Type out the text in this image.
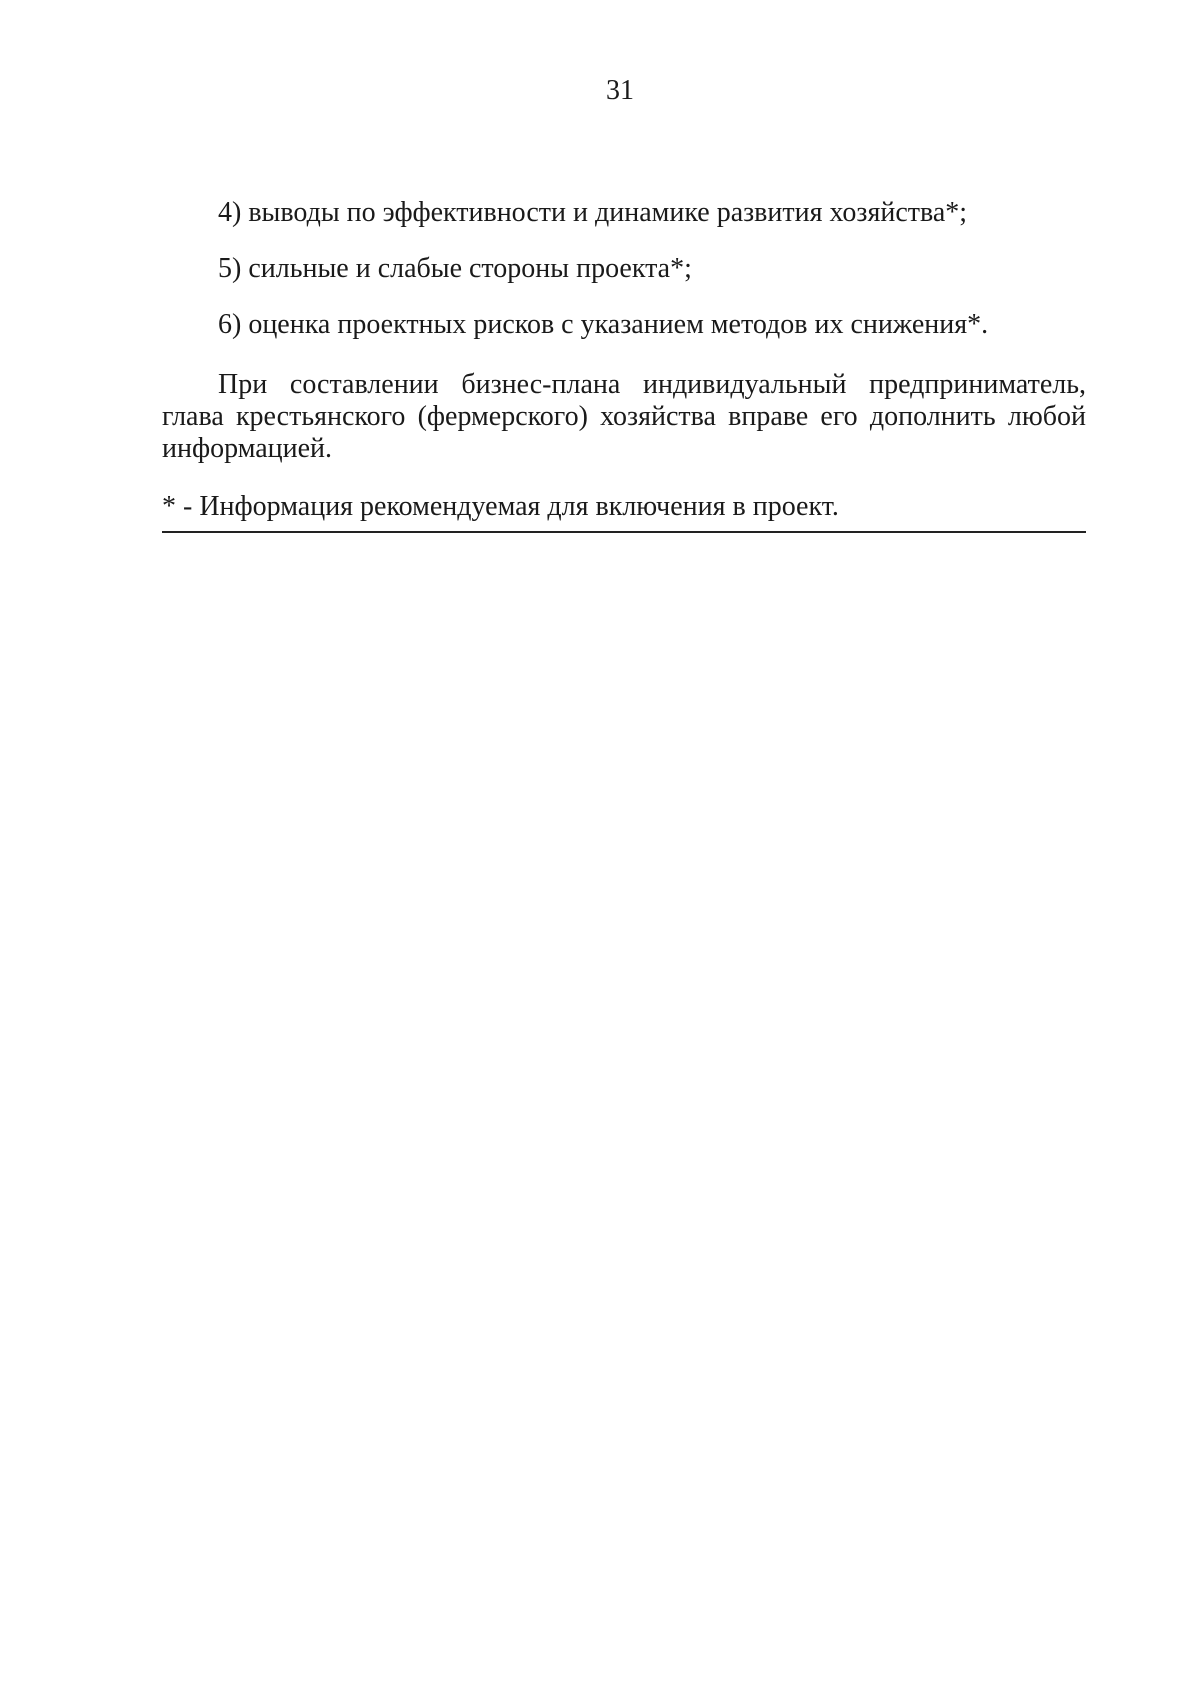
31
4) выводы по эффективности и динамике развития хозяйства*;
5) сильные и слабые стороны проекта*;
6) оценка проектных рисков с указанием методов их снижения*.

При составлении бизнес-плана индивидуальный предприниматель, глава крестьянского (фермерского) хозяйства вправе его дополнить любой информацией.

* - Информация рекомендуемая для включения в проект.
